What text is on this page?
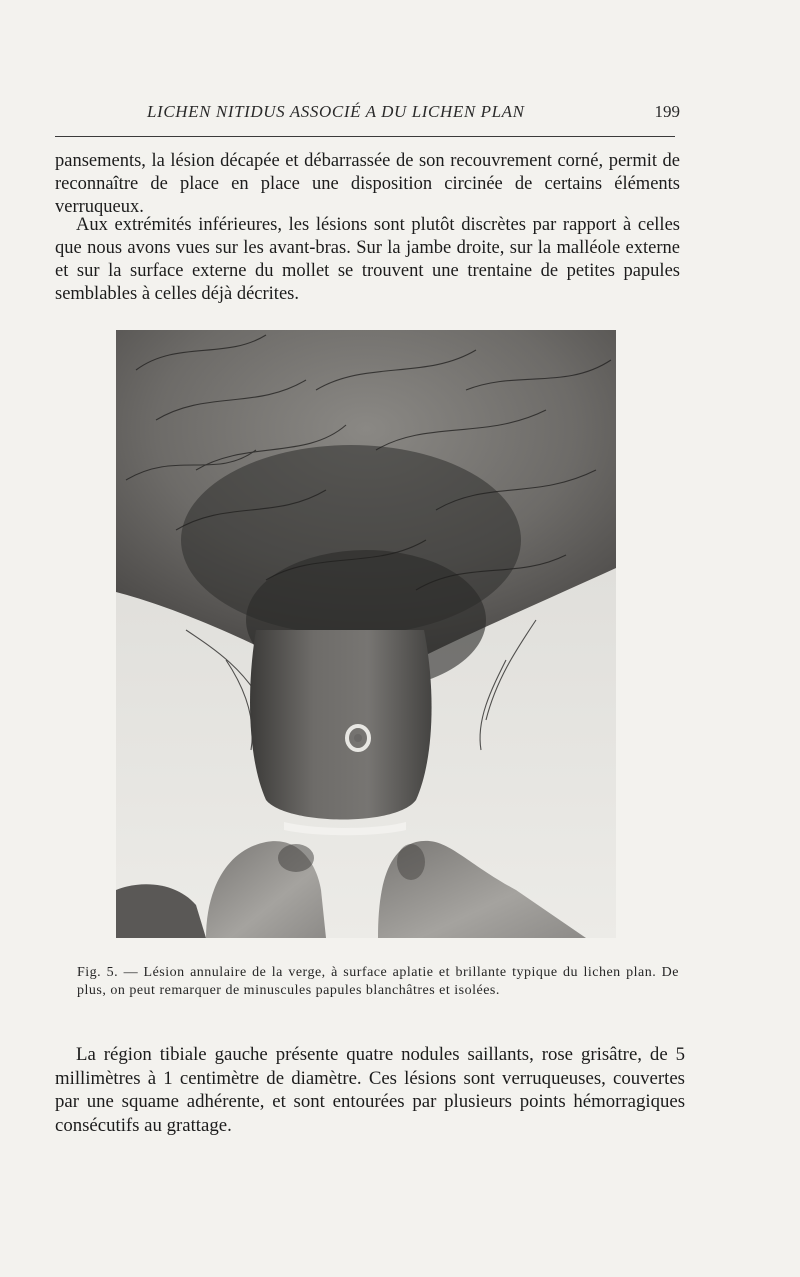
LICHEN NITIDUS ASSOCIÉ A DU LICHEN PLAN	199

pansements, la lésion décapée et débarrassée de son recouvrement corné, permit de reconnaître de place en place une disposition circinée de certains éléments verruqueux.

Aux extrémités inférieures, les lésions sont plutôt discrètes par rapport à celles que nous avons vues sur les avant-bras. Sur la jambe droite, sur la malléole externe et sur la surface externe du mollet se trouvent une trentaine de petites papules semblables à celles déjà décrites.

Fig. 5. — Lésion annulaire de la verge, à surface aplatie et brillante typique du lichen plan. De plus, on peut remarquer de minuscules papules blanchâtres et isolées.

La région tibiale gauche présente quatre nodules saillants, rose grisâtre, de 5 millimètres à 1 centimètre de diamètre. Ces lésions sont verruqueuses, couvertes par une squame adhérente, et sont entourées par plusieurs points hémorragiques consécutifs au grattage.
